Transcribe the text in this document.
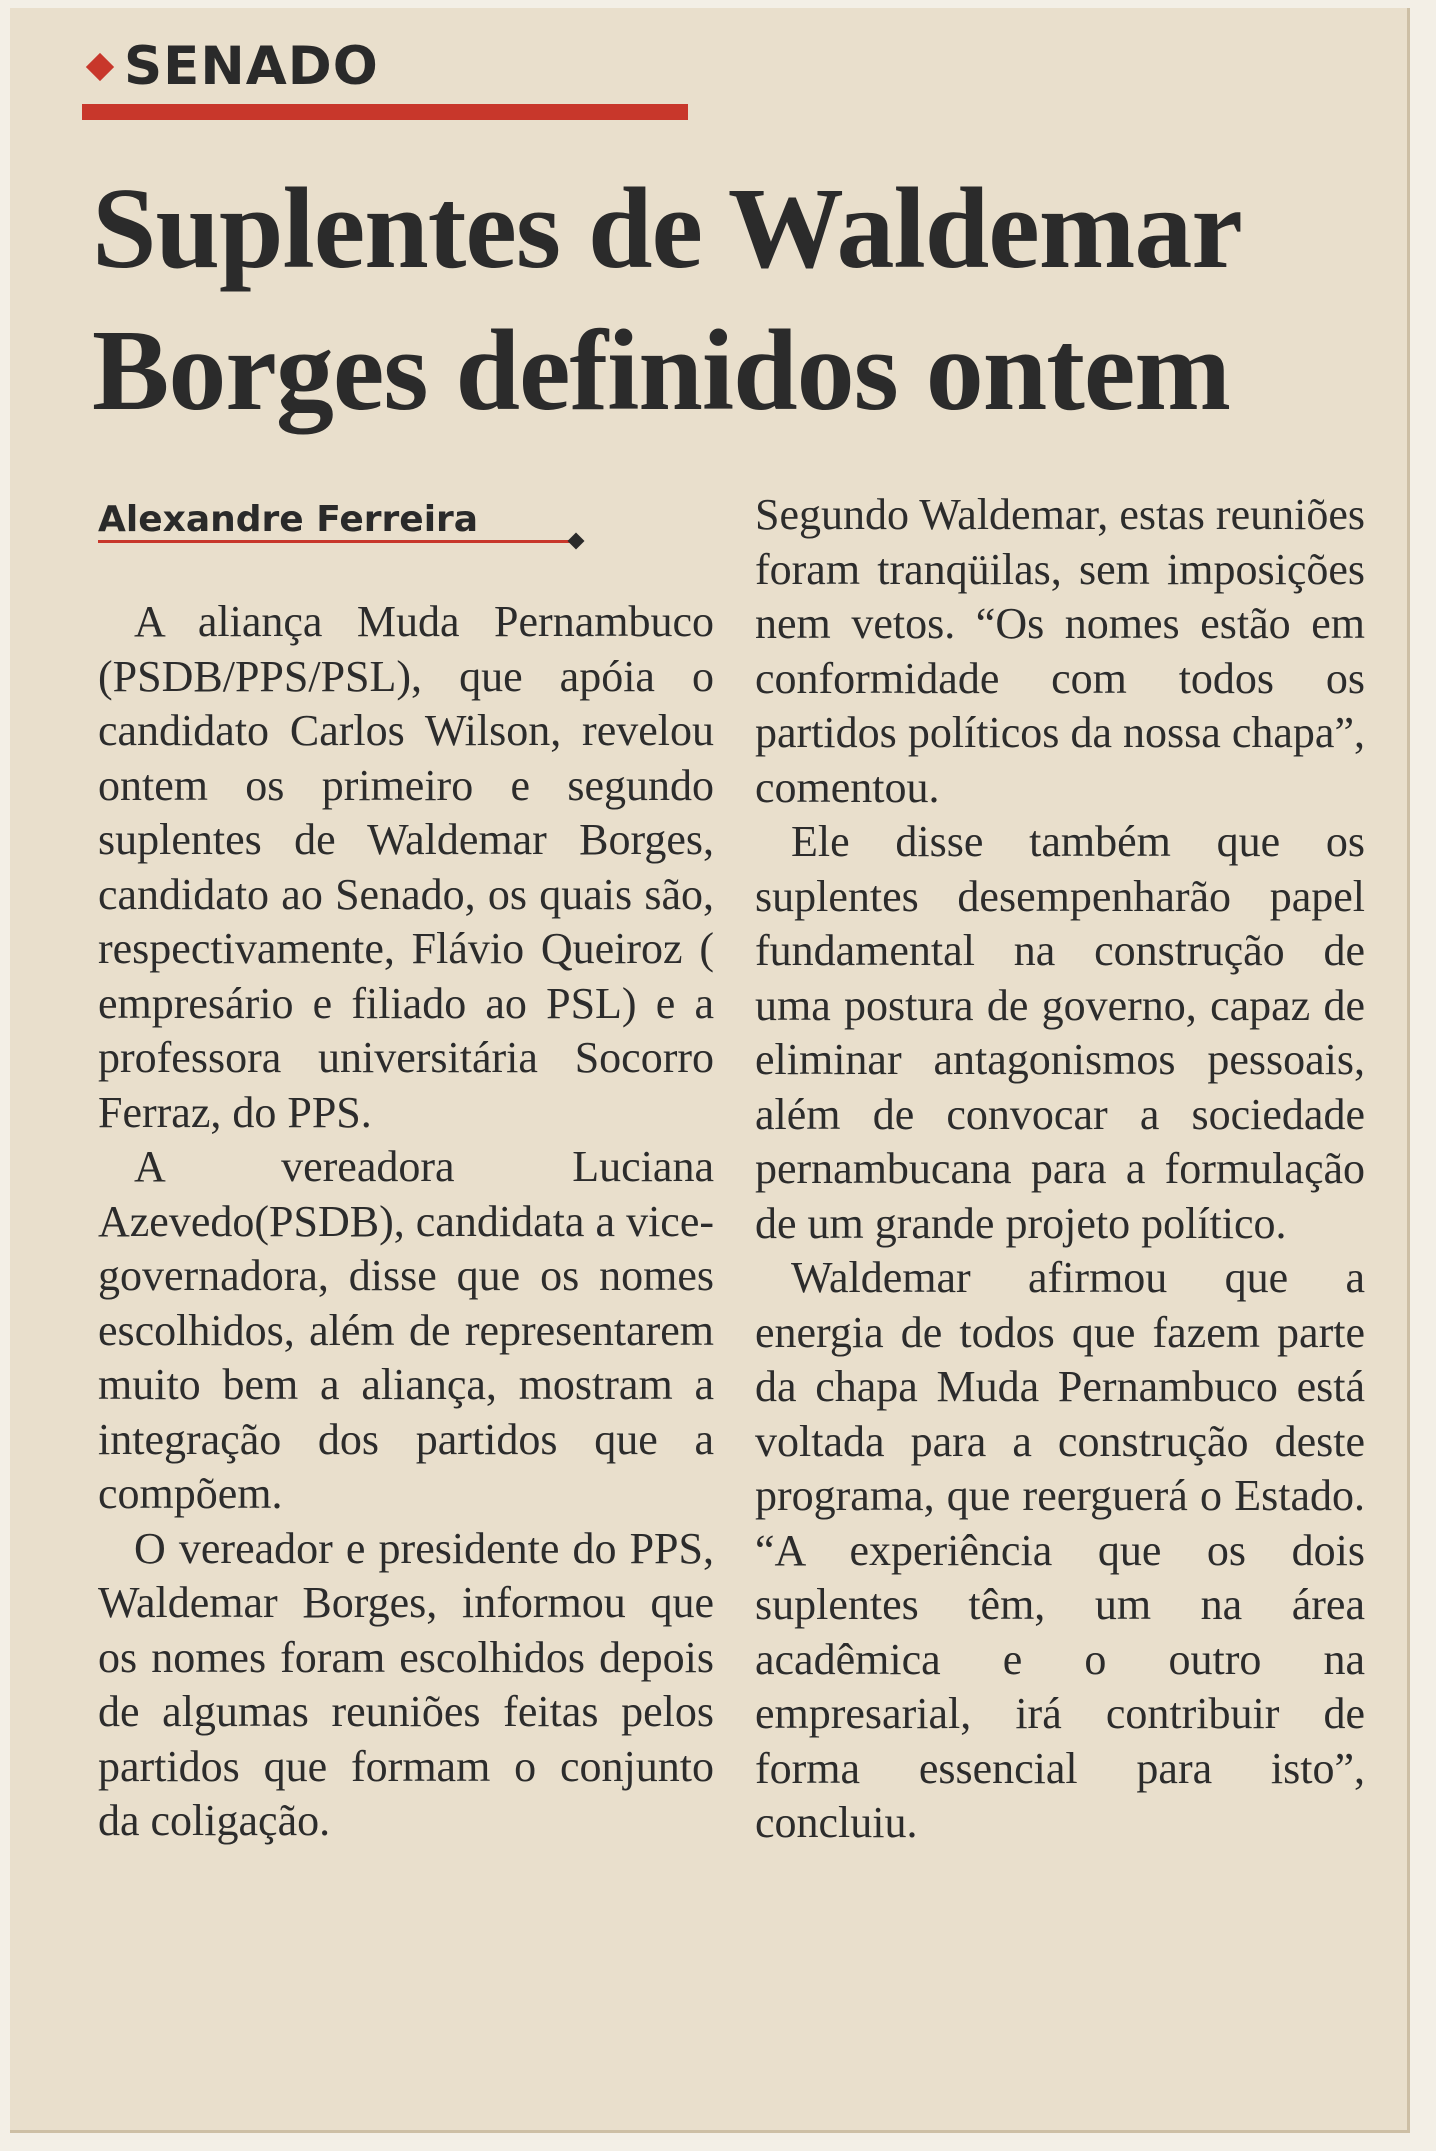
SENADO
Suplentes de Waldemar Borges definidos ontem
Alexandre Ferreira

A aliança Muda Pernambuco (PSDB/PPS/PSL), que apóia o candidato Carlos Wilson, revelou ontem os primeiro e segundo suplentes de Waldemar Borges, candidato ao Senado, os quais são, respectivamente, Flávio Queiroz ( empresário e filiado ao PSL) e a professora universitária Socorro Ferraz, do PPS.

A vereadora Luciana Azevedo(PSDB), candidata a vice-governadora, disse que os nomes escolhidos, além de representarem muito bem a aliança, mostram a integração dos partidos que a compõem.

O vereador e presidente do PPS, Waldemar Borges, informou que os nomes foram escolhidos depois de algumas reuniões feitas pelos partidos que formam o conjunto da coligação.

Segundo Waldemar, estas reuniões foram tranqüilas, sem imposições nem vetos. “Os nomes estão em conformidade com todos os partidos políticos da nossa chapa”, comentou.

Ele disse também que os suplentes desempenharão papel fundamental na construção de uma postura de governo, capaz de eliminar antagonismos pessoais, além de convocar a sociedade pernambucana para a formulação de um grande projeto político.

Waldemar afirmou que a energia de todos que fazem parte da chapa Muda Pernambuco está voltada para a construção deste programa, que reerguerá o Estado. “A experiência que os dois suplentes têm, um na área acadêmica e o outro na empresarial, irá contribuir de forma essencial para isto”, concluiu.
